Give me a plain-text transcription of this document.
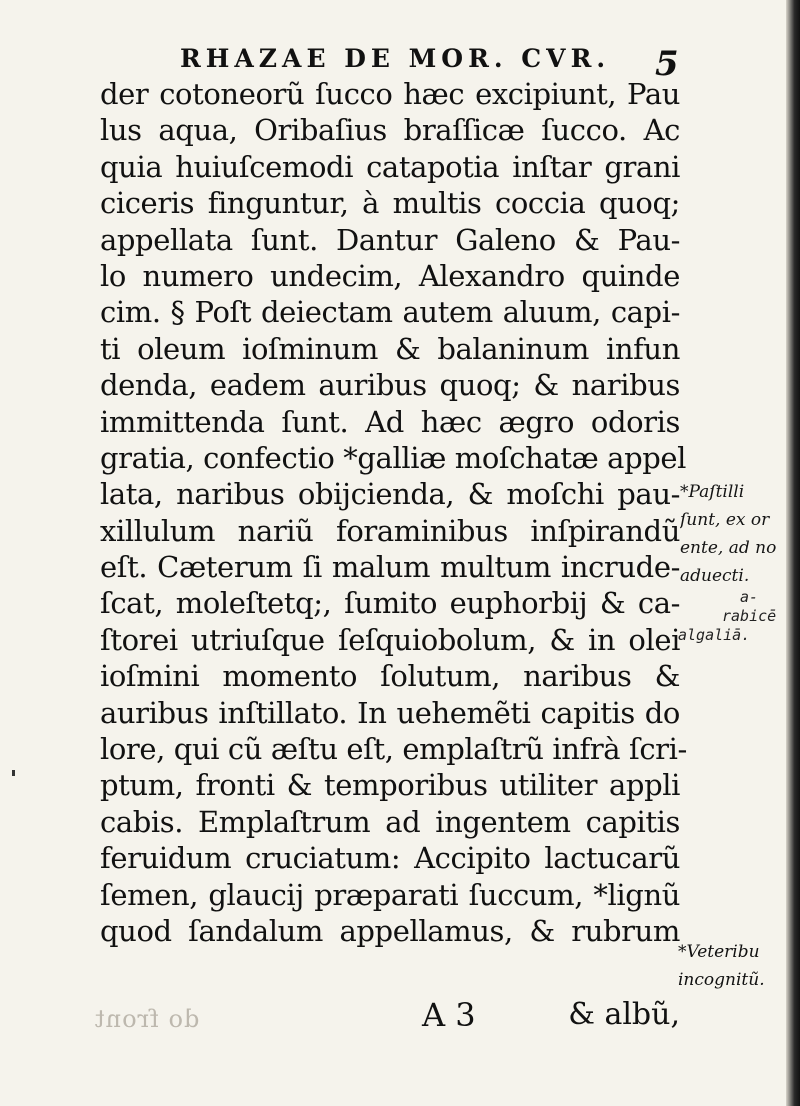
RHAZAE DE MOR. CVR. 5
der cotoneorũ ſucco hæc excipiunt, Pau
lus aqua, Oribaſius braſſicæ ſucco. Ac
quia huiuſcemodi catapotia inſtar grani
ciceris finguntur, à multis coccia quoq;
appellata ſunt. Dantur Galeno & Pau-
lo numero undecim, Alexandro quinde
cim. § Poſt deiectam autem aluum, capi-
ti oleum ioſminum & balaninum infun
denda, eadem auribus quoq; & naribus
immittenda ſunt. Ad hæc ægro odoris
gratia, confectio *galliæ moſchatæ appel
lata, naribus obijcienda, & moſchi pau-
xillulum nariũ foraminibus inſpirandũ
eſt. Cæterum ſi malum multum incrude-
ſcat, moleſtetq;, ſumito euphorbij & ca-
ſtorei utriuſque ſeſquiobolum, & in olei
ioſmini momento ſolutum, naribus &
auribus inſtillato. In uehemẽti capitis do
lore, qui cũ æſtu eſt, emplaſtrũ infrà ſcri-
ptum, fronti & temporibus utiliter appli
cabis. Emplaſtrum ad ingentem capitis
feruidum cruciatum: Accipito lactucarũ
ſemen, glaucij præparati ſuccum, *lignũ
quod ſandalum appellamus, & rubrum
do front	A 3	& albũ,
*Paſtilli
ſunt, ex or
ente, ad no
aduecti.
a-
rabicē
algaliā.
*Veteribu
incognitũ.
